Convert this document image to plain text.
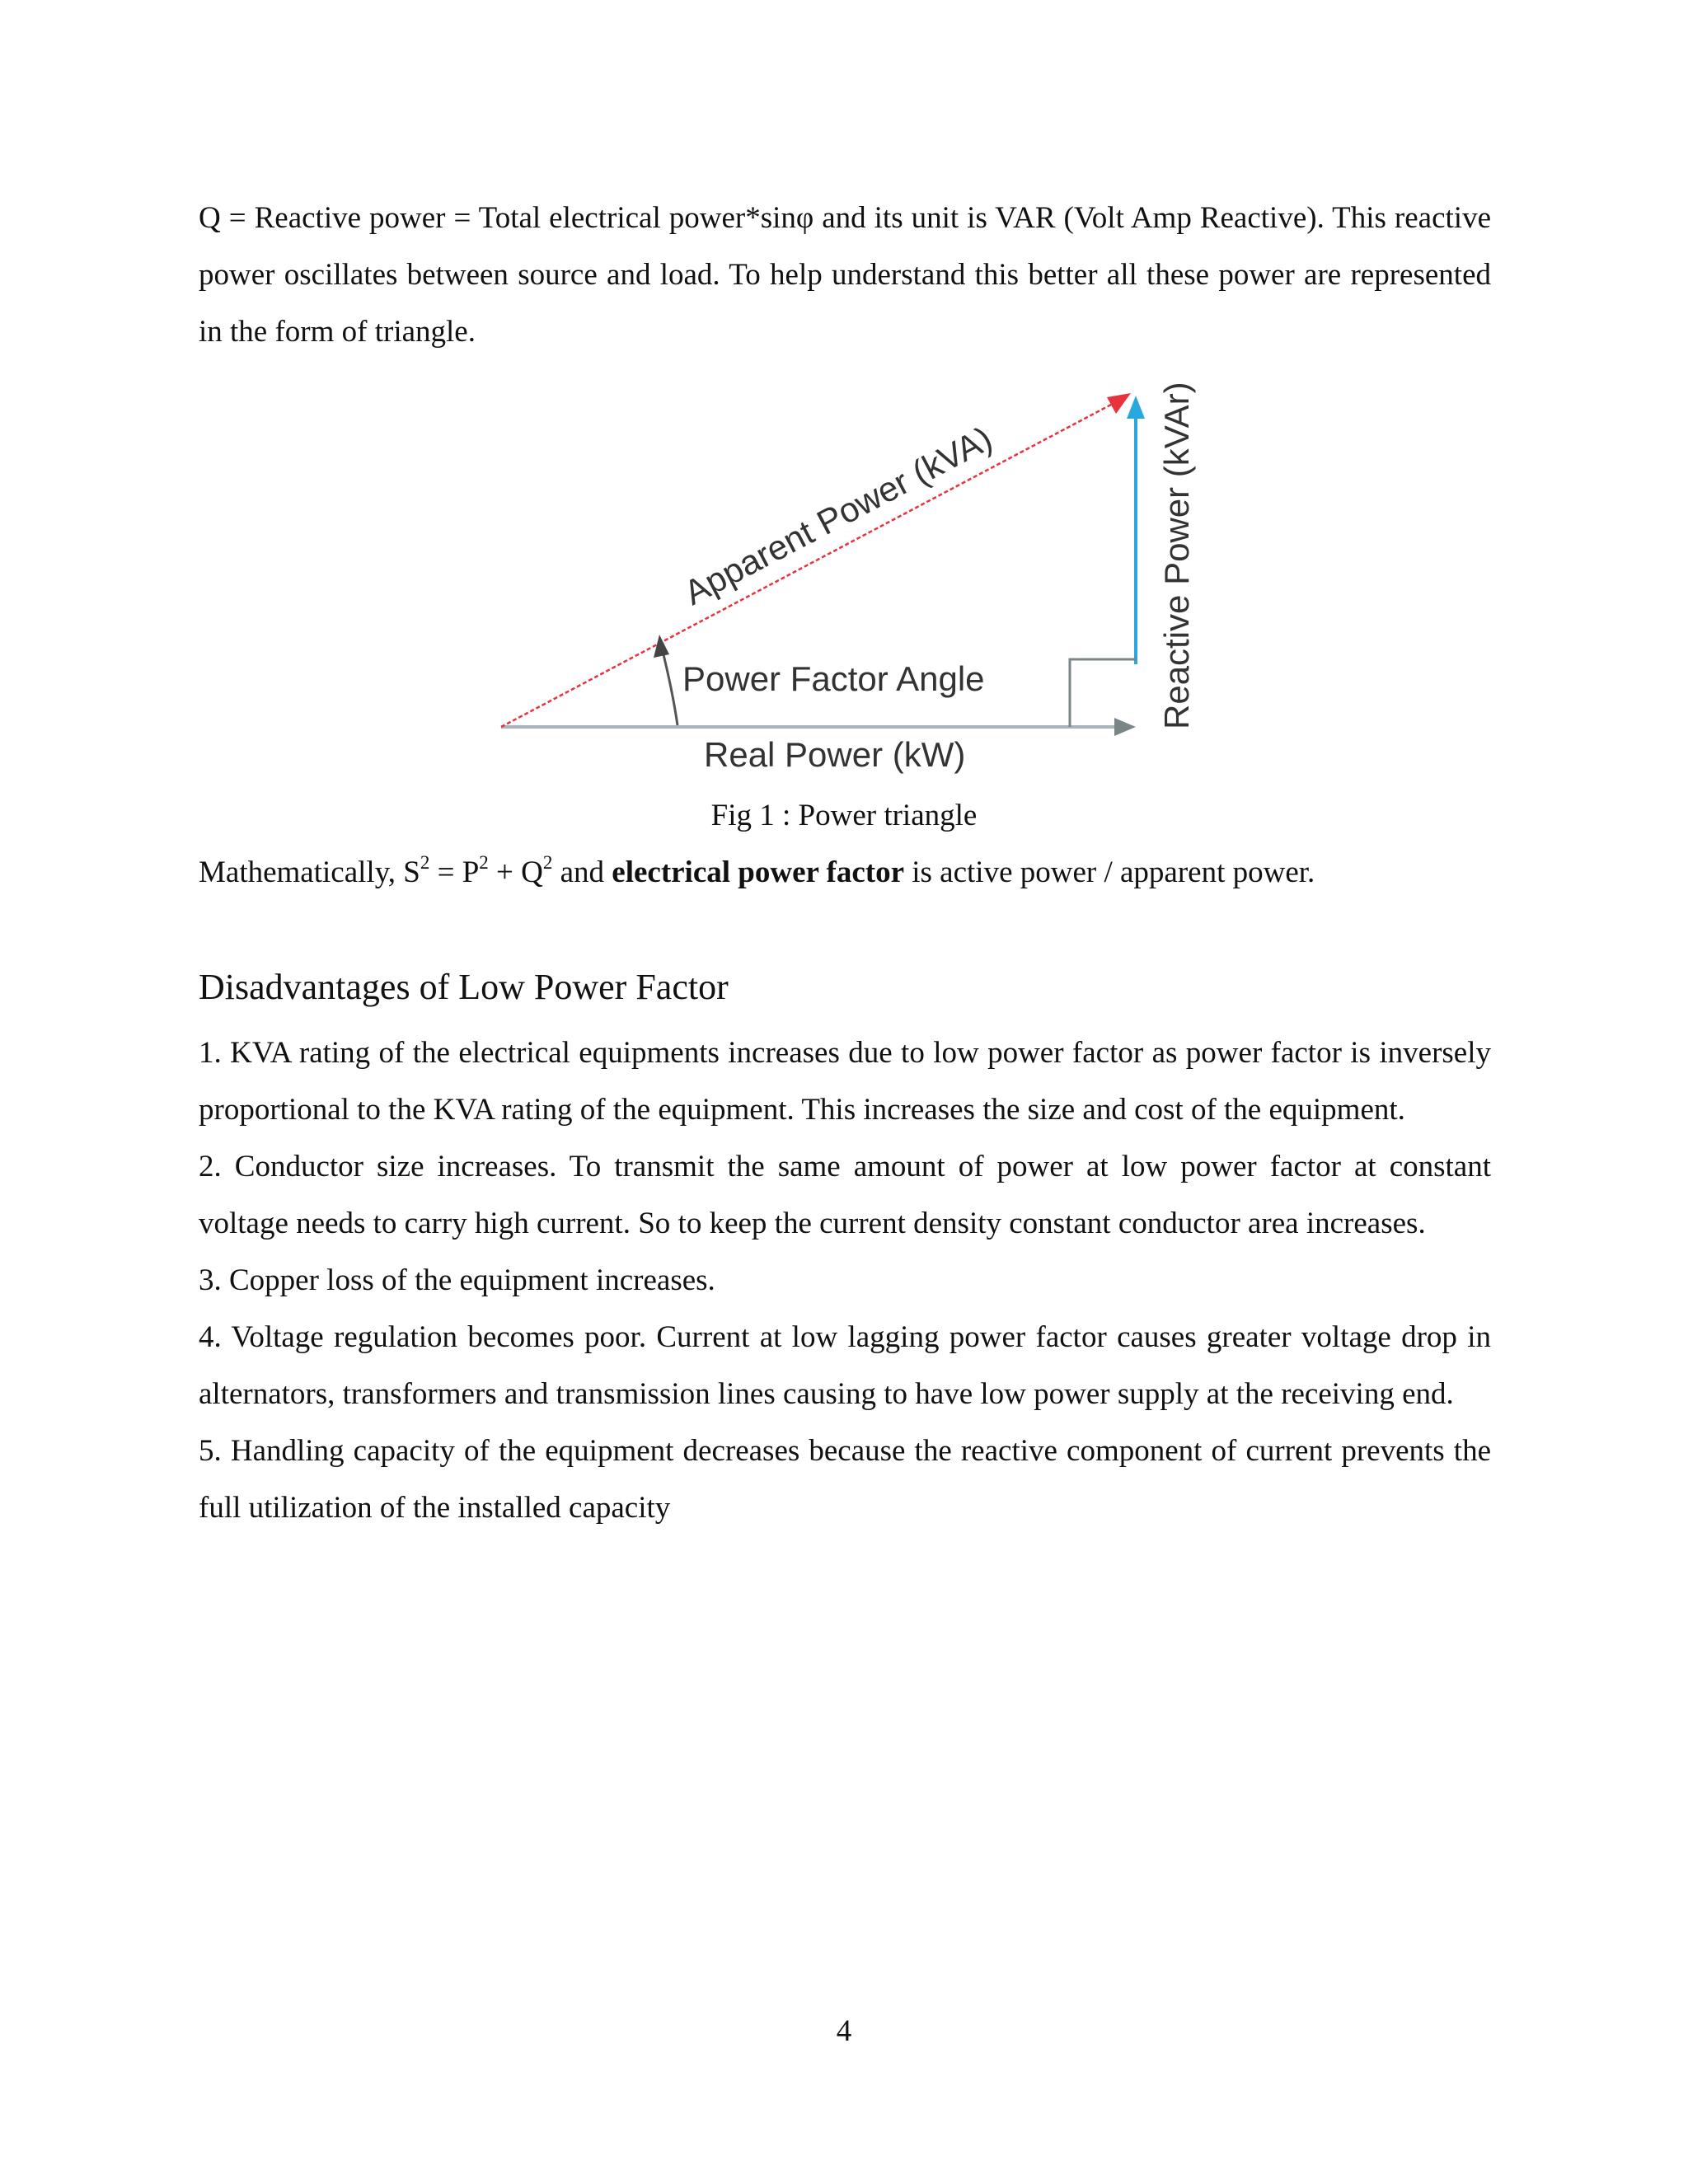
Q = Reactive power = Total electrical power*sinφ and its unit is VAR (Volt Amp Reactive). This reactive power oscillates between source and load. To help understand this better all these power are represented in the form of triangle.

Apparent Power (kVA)
Power Factor Angle
Real Power (kW)
Reactive Power (kVAr)
Fig 1 : Power triangle

Mathematically, $S^2 = P^2 + Q^2$ and electrical power factor is active power / apparent power.

Disadvantages of Low Power Factor

1. KVA rating of the electrical equipments increases due to low power factor as power factor is inversely proportional to the KVA rating of the equipment. This increases the size and cost of the equipment.

2. Conductor size increases. To transmit the same amount of power at low power factor at constant voltage needs to carry high current. So to keep the current density constant conductor area increases.

3. Copper loss of the equipment increases.

4. Voltage regulation becomes poor. Current at low lagging power factor causes greater voltage drop in alternators, transformers and transmission lines causing to have low power supply at the receiving end.

5. Handling capacity of the equipment decreases because the reactive component of current prevents the full utilization of the installed capacity

4
